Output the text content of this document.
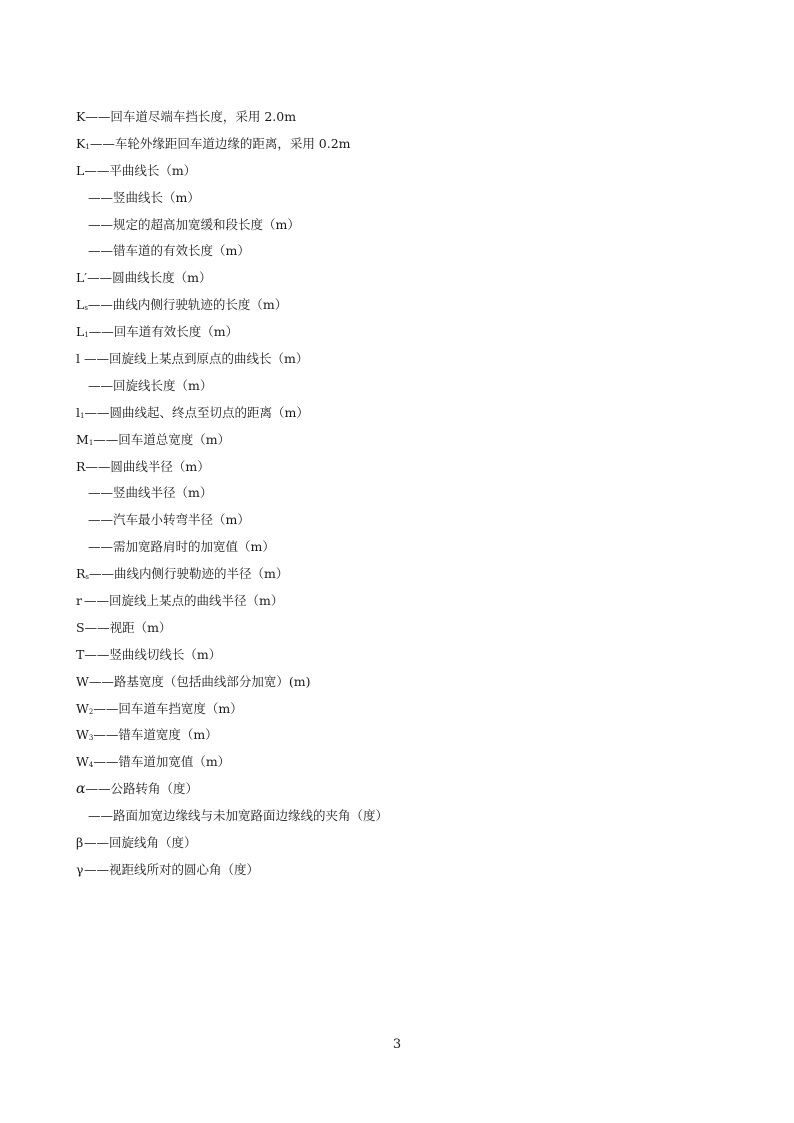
K——回车道尽端车挡长度，采用 2.0m
$K_1——$车轮外缘距回车道边缘的距离，采用 0.2m
L——平曲线长（m）
——竖曲线长（m）
——规定的超高加宽缓和段长度（m）
——错车道的有效长度（m）
L′——圆曲线长度（m）
$L_s——$曲线内侧行驶轨迹的长度（m）
$L_1——$回车道有效长度（m）
l ——回旋线上某点到原点的曲线长（m）
——回旋线长度（m）
$l_1——$圆曲线起、终点至切点的距离（m）
$M_1——$回车道总宽度（m）
R——圆曲线半径（m）
——竖曲线半径（m）
——汽车最小转弯半径（m）
——需加宽路肩时的加宽值（m）
$R_s——$曲线内侧行驶勒迹的半径（m）
r ——回旋线上某点的曲线半径（m）
S——视距（m）
T——竖曲线切线长（m）
W——路基宽度（包括曲线部分加宽）(m)
$W_2——$回车道车挡宽度（m）
$W_3——$错车道宽度（m）
$W_4——$错车道加宽值（m）
α——公路转角（度）
——路面加宽边缘线与未加宽路面边缘线的夹角（度）
β——回旋线角（度）
γ——视距线所对的圆心角（度）
3
